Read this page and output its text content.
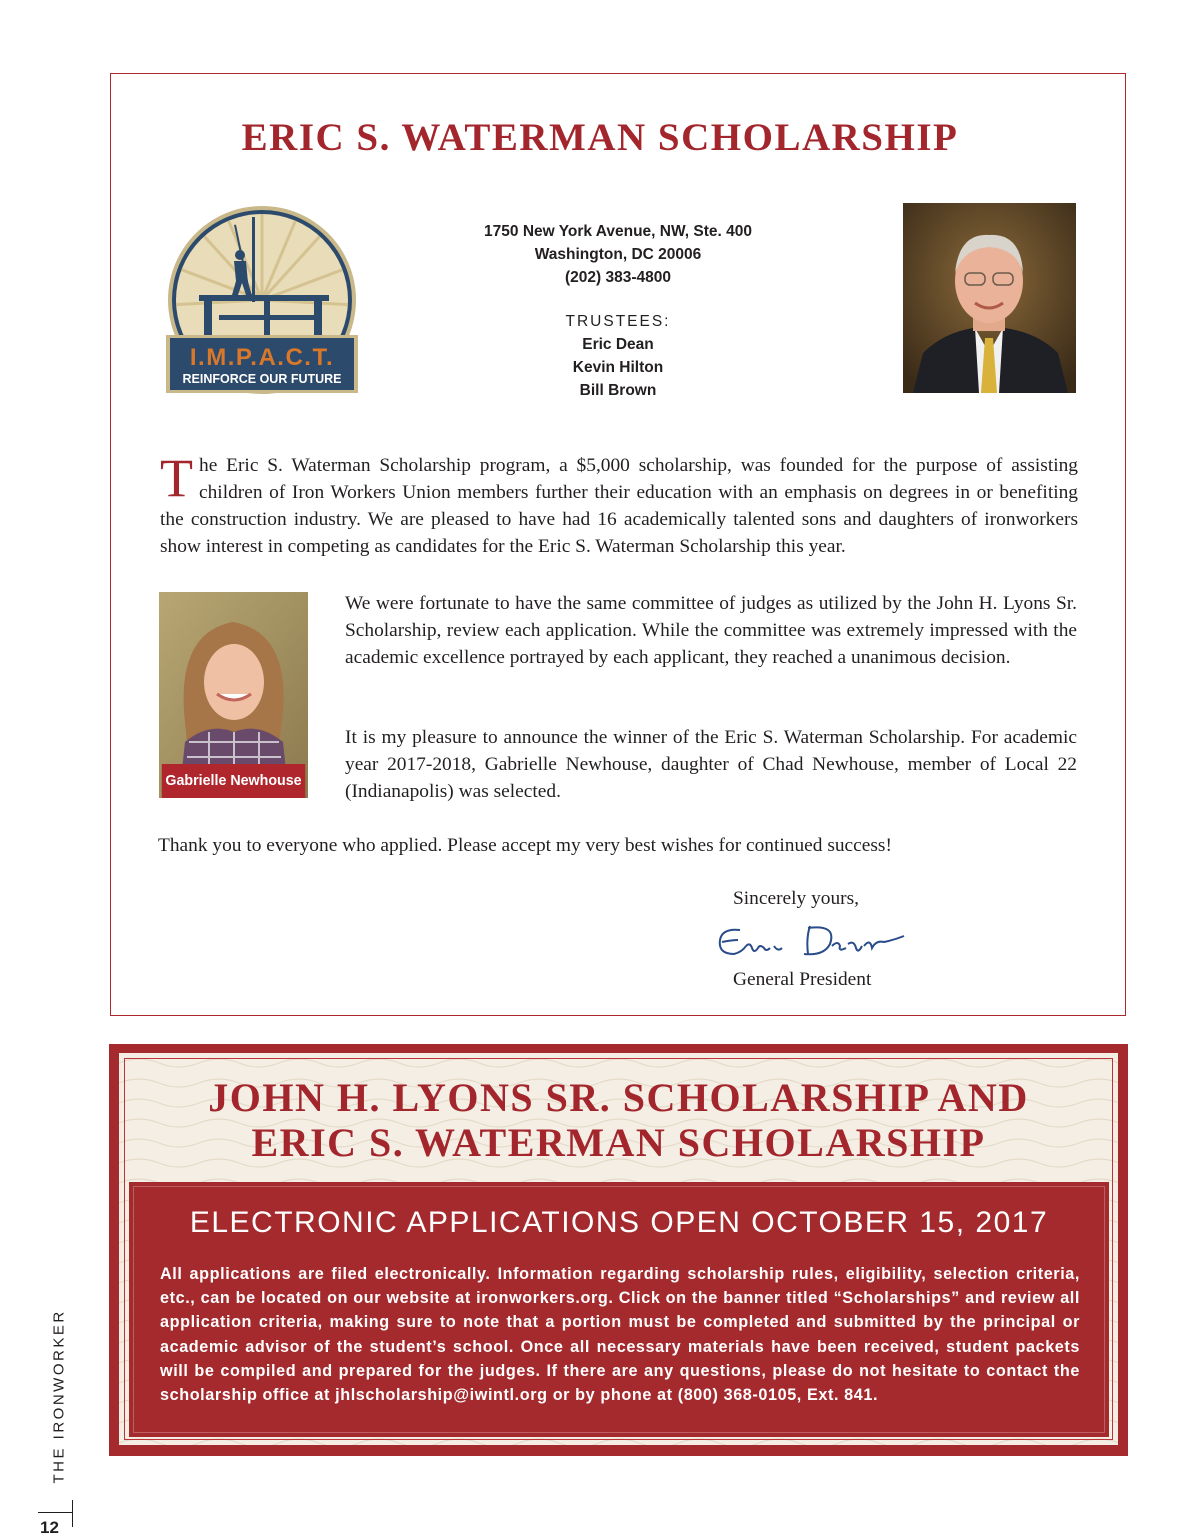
THE IRONWORKER
12
ERIC S. WATERMAN SCHOLARSHIP
I.M.P.A.C.T.
REINFORCE OUR FUTURE
1750 New York Avenue, NW, Ste. 400
Washington, DC 20006
(202) 383-4800
TRUSTEES:
Eric Dean
Kevin Hilton
Bill Brown
The Eric S. Waterman Scholarship program, a $5,000 scholarship, was founded for the purpose of assisting children of Iron Workers Union members further their education with an emphasis on degrees in or benefiting the construction industry. We are pleased to have had 16 academically talented sons and daughters of ironworkers show interest in competing as candidates for the Eric S. Waterman Scholarship this year.
Gabrielle Newhouse
We were fortunate to have the same committee of judges as utilized by the John H. Lyons Sr. Scholarship, review each application. While the committee was extremely impressed with the academic excellence portrayed by each applicant, they reached a unanimous decision.
It is my pleasure to announce the winner of the Eric S. Waterman Scholarship. For academic year 2017-2018, Gabrielle Newhouse, daughter of Chad Newhouse, member of Local 22 (Indianapolis) was selected.
Thank you to everyone who applied. Please accept my very best wishes for continued success!
Sincerely yours,
General President
JOHN H. LYONS SR. SCHOLARSHIP AND
ERIC S. WATERMAN SCHOLARSHIP
ELECTRONIC APPLICATIONS OPEN OCTOBER 15, 2017
All applications are filed electronically. Information regarding scholarship rules, eligibility, selection criteria, etc., can be located on our website at ironworkers.org. Click on the banner titled “Scholarships” and review all application criteria, making sure to note that a portion must be completed and submitted by the principal or academic advisor of the student’s school. Once all necessary materials have been received, student packets will be compiled and prepared for the judges. If there are any questions, please do not hesitate to contact the scholarship office at jhlscholarship@iwintl.org or by phone at (800) 368-0105, Ext. 841.
